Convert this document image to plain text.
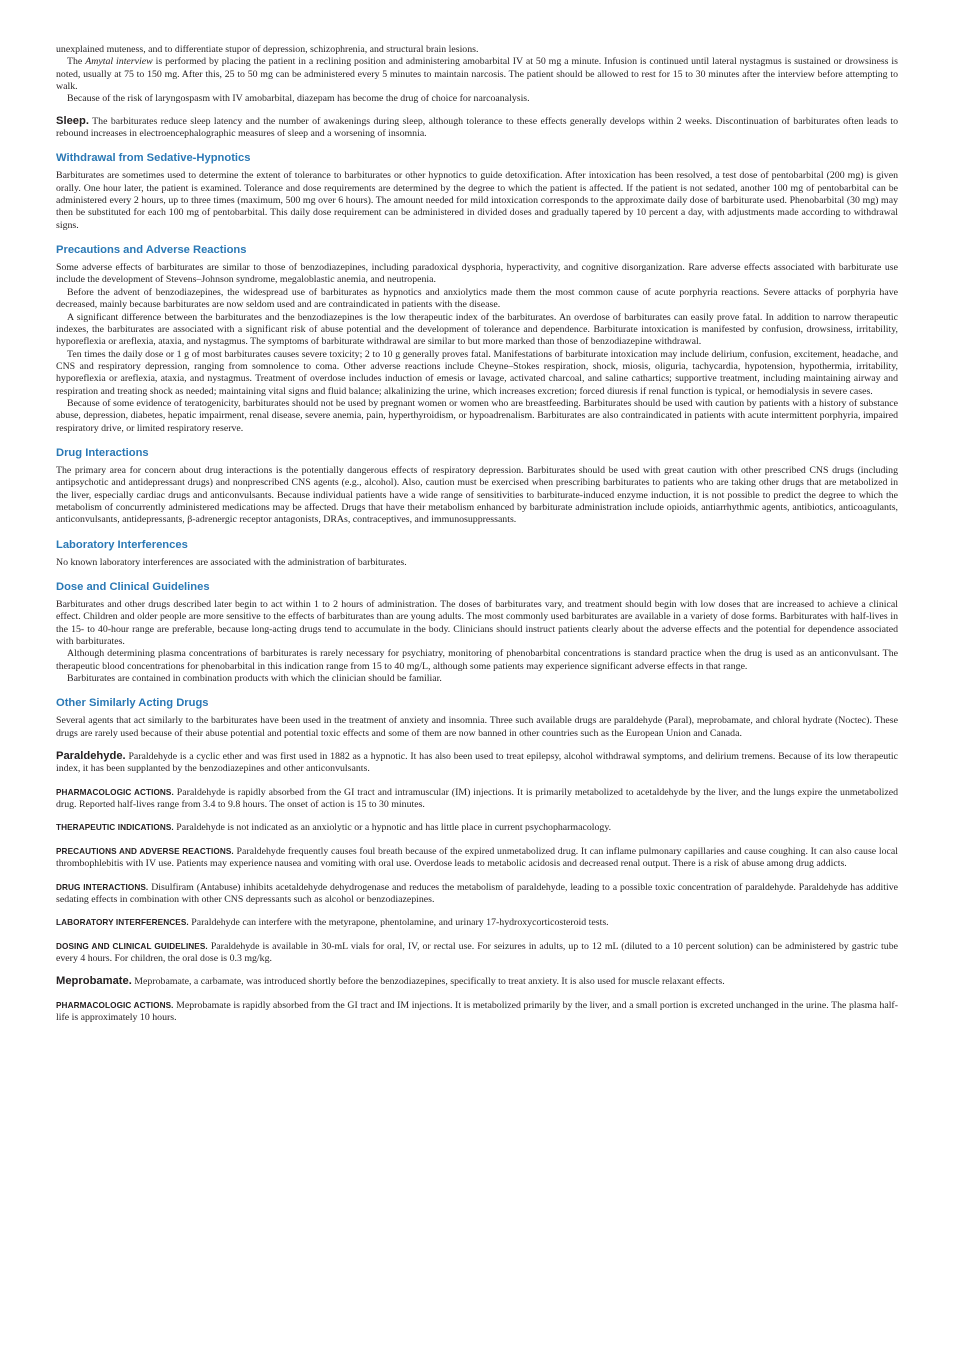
unexplained muteness, and to differentiate stupor of depression, schizophrenia, and structural brain lesions.

The Amytal interview is performed by placing the patient in a reclining position and administering amobarbital IV at 50 mg a minute. Infusion is continued until lateral nystagmus is sustained or drowsiness is noted, usually at 75 to 150 mg. After this, 25 to 50 mg can be administered every 5 minutes to maintain narcosis. The patient should be allowed to rest for 15 to 30 minutes after the interview before attempting to walk.

Because of the risk of laryngospasm with IV amobarbital, diazepam has become the drug of choice for narcoanalysis.

Sleep. The barbiturates reduce sleep latency and the number of awakenings during sleep, although tolerance to these effects generally develops within 2 weeks. Discontinuation of barbiturates often leads to rebound increases in electroencephalographic measures of sleep and a worsening of insomnia.

Withdrawal from Sedative-Hypnotics

Barbiturates are sometimes used to determine the extent of tolerance to barbiturates or other hypnotics to guide detoxification. After intoxication has been resolved, a test dose of pentobarbital (200 mg) is given orally. One hour later, the patient is examined. Tolerance and dose requirements are determined by the degree to which the patient is affected. If the patient is not sedated, another 100 mg of pentobarbital can be administered every 2 hours, up to three times (maximum, 500 mg over 6 hours). The amount needed for mild intoxication corresponds to the approximate daily dose of barbiturate used. Phenobarbital (30 mg) may then be substituted for each 100 mg of pentobarbital. This daily dose requirement can be administered in divided doses and gradually tapered by 10 percent a day, with adjustments made according to withdrawal signs.

Precautions and Adverse Reactions

Some adverse effects of barbiturates are similar to those of benzodiazepines, including paradoxical dysphoria, hyperactivity, and cognitive disorganization. Rare adverse effects associated with barbiturate use include the development of Stevens–Johnson syndrome, megaloblastic anemia, and neutropenia.

Before the advent of benzodiazepines, the widespread use of barbiturates as hypnotics and anxiolytics made them the most common cause of acute porphyria reactions. Severe attacks of porphyria have decreased, mainly because barbiturates are now seldom used and are contraindicated in patients with the disease.

A significant difference between the barbiturates and the benzodiazepines is the low therapeutic index of the barbiturates. An overdose of barbiturates can easily prove fatal. In addition to narrow therapeutic indexes, the barbiturates are associated with a significant risk of abuse potential and the development of tolerance and dependence. Barbiturate intoxication is manifested by confusion, drowsiness, irritability, hyporeflexia or areflexia, ataxia, and nystagmus. The symptoms of barbiturate withdrawal are similar to but more marked than those of benzodiazepine withdrawal.

Ten times the daily dose or 1 g of most barbiturates causes severe toxicity; 2 to 10 g generally proves fatal. Manifestations of barbiturate intoxication may include delirium, confusion, excitement, headache, and CNS and respiratory depression, ranging from somnolence to coma. Other adverse reactions include Cheyne–Stokes respiration, shock, miosis, oliguria, tachycardia, hypotension, hypothermia, irritability, hyporeflexia or areflexia, ataxia, and nystagmus. Treatment of overdose includes induction of emesis or lavage, activated charcoal, and saline cathartics; supportive treatment, including maintaining airway and respiration and treating shock as needed; maintaining vital signs and fluid balance; alkalinizing the urine, which increases excretion; forced diuresis if renal function is typical, or hemodialysis in severe cases.

Because of some evidence of teratogenicity, barbiturates should not be used by pregnant women or women who are breastfeeding. Barbiturates should be used with caution by patients with a history of substance abuse, depression, diabetes, hepatic impairment, renal disease, severe anemia, pain, hyperthyroidism, or hypoadrenalism. Barbiturates are also contraindicated in patients with acute intermittent porphyria, impaired respiratory drive, or limited respiratory reserve.

Drug Interactions

The primary area for concern about drug interactions is the potentially dangerous effects of respiratory depression. Barbiturates should be used with great caution with other prescribed CNS drugs (including antipsychotic and antidepressant drugs) and nonprescribed CNS agents (e.g., alcohol). Also, caution must be exercised when prescribing barbiturates to patients who are taking other drugs that are metabolized in the liver, especially cardiac drugs and anticonvulsants. Because individual patients have a wide range of sensitivities to barbiturate-induced enzyme induction, it is not possible to predict the degree to which the metabolism of concurrently administered medications may be affected. Drugs that have their metabolism enhanced by barbiturate administration include opioids, antiarrhythmic agents, antibiotics, anticoagulants, anticonvulsants, antidepressants, β-adrenergic receptor antagonists, DRAs, contraceptives, and immunosuppressants.

Laboratory Interferences

No known laboratory interferences are associated with the administration of barbiturates.

Dose and Clinical Guidelines

Barbiturates and other drugs described later begin to act within 1 to 2 hours of administration. The doses of barbiturates vary, and treatment should begin with low doses that are increased to achieve a clinical effect. Children and older people are more sensitive to the effects of barbiturates than are young adults. The most commonly used barbiturates are available in a variety of dose forms. Barbiturates with half-lives in the 15- to 40-hour range are preferable, because long-acting drugs tend to accumulate in the body. Clinicians should instruct patients clearly about the adverse effects and the potential for dependence associated with barbiturates.

Although determining plasma concentrations of barbiturates is rarely necessary for psychiatry, monitoring of phenobarbital concentrations is standard practice when the drug is used as an anticonvulsant. The therapeutic blood concentrations for phenobarbital in this indication range from 15 to 40 mg/L, although some patients may experience significant adverse effects in that range.

Barbiturates are contained in combination products with which the clinician should be familiar.

Other Similarly Acting Drugs

Several agents that act similarly to the barbiturates have been used in the treatment of anxiety and insomnia. Three such available drugs are paraldehyde (Paral), meprobamate, and chloral hydrate (Noctec). These drugs are rarely used because of their abuse potential and potential toxic effects and some of them are now banned in other countries such as the European Union and Canada.

Paraldehyde. Paraldehyde is a cyclic ether and was first used in 1882 as a hypnotic. It has also been used to treat epilepsy, alcohol withdrawal symptoms, and delirium tremens. Because of its low therapeutic index, it has been supplanted by the benzodiazepines and other anticonvulsants.

PHARMACOLOGIC ACTIONS. Paraldehyde is rapidly absorbed from the GI tract and intramuscular (IM) injections. It is primarily metabolized to acetaldehyde by the liver, and the lungs expire the unmetabolized drug. Reported half-lives range from 3.4 to 9.8 hours. The onset of action is 15 to 30 minutes.

THERAPEUTIC INDICATIONS. Paraldehyde is not indicated as an anxiolytic or a hypnotic and has little place in current psychopharmacology.

PRECAUTIONS AND ADVERSE REACTIONS. Paraldehyde frequently causes foul breath because of the expired unmetabolized drug. It can inflame pulmonary capillaries and cause coughing. It can also cause local thrombophlebitis with IV use. Patients may experience nausea and vomiting with oral use. Overdose leads to metabolic acidosis and decreased renal output. There is a risk of abuse among drug addicts.

DRUG INTERACTIONS. Disulfiram (Antabuse) inhibits acetaldehyde dehydrogenase and reduces the metabolism of paraldehyde, leading to a possible toxic concentration of paraldehyde. Paraldehyde has additive sedating effects in combination with other CNS depressants such as alcohol or benzodiazepines.

LABORATORY INTERFERENCES. Paraldehyde can interfere with the metyrapone, phentolamine, and urinary 17-hydroxycorticosteroid tests.

DOSING AND CLINICAL GUIDELINES. Paraldehyde is available in 30-mL vials for oral, IV, or rectal use. For seizures in adults, up to 12 mL (diluted to a 10 percent solution) can be administered by gastric tube every 4 hours. For children, the oral dose is 0.3 mg/kg.

Meprobamate. Meprobamate, a carbamate, was introduced shortly before the benzodiazepines, specifically to treat anxiety. It is also used for muscle relaxant effects.

PHARMACOLOGIC ACTIONS. Meprobamate is rapidly absorbed from the GI tract and IM injections. It is metabolized primarily by the liver, and a small portion is excreted unchanged in the urine. The plasma half-life is approximately 10 hours.
